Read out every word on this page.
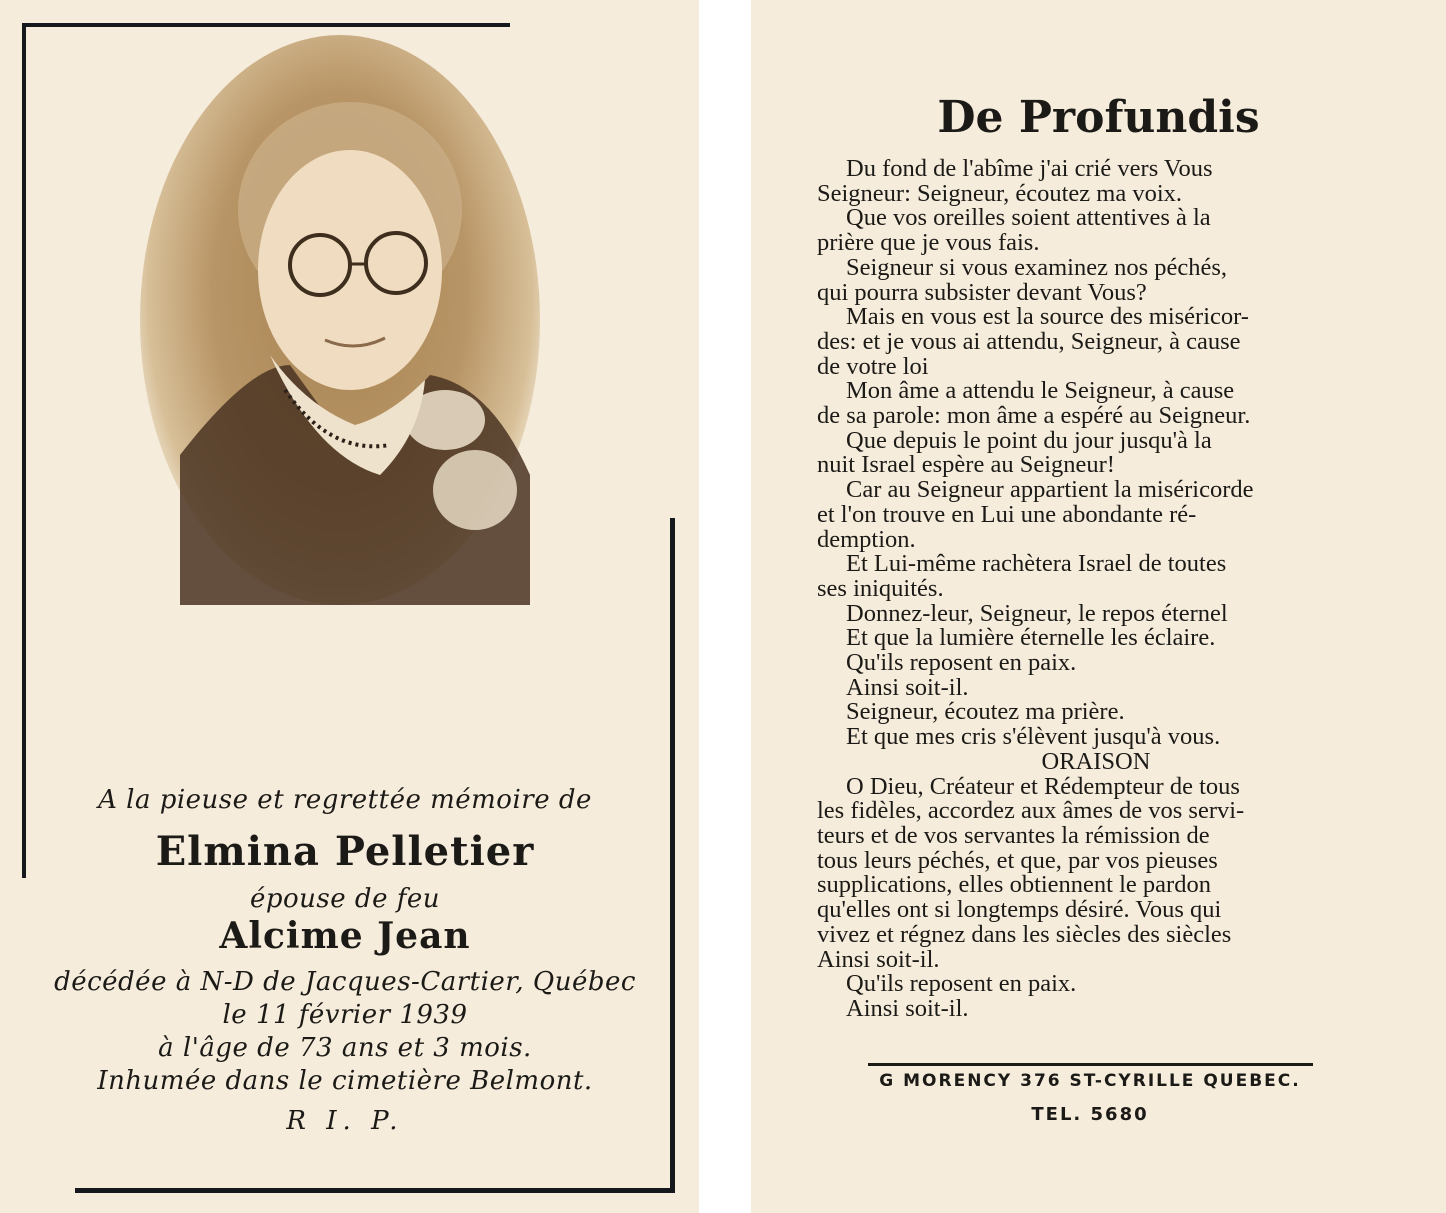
A la pieuse et regrettée mémoire de
Elmina Pelletier
épouse de feu
Alcime Jean
décédée à N-D de Jacques-Cartier, Québec
le 11 février 1939
à l'âge de 73 ans et 3 mois.
Inhumée dans le cimetière Belmont.
R I. P.
De Profundis
Du fond de l'abîme j'ai crié vers Vous
Seigneur: Seigneur, écoutez ma voix.
Que vos oreilles soient attentives à la
prière que je vous fais.
Seigneur si vous examinez nos péchés,
qui pourra subsister devant Vous?
Mais en vous est la source des miséricor-
des: et je vous ai attendu, Seigneur, à cause
de votre loi
Mon âme a attendu le Seigneur, à cause
de sa parole: mon âme a espéré au Seigneur.
Que depuis le point du jour jusqu'à la
nuit Israel espère au Seigneur!
Car au Seigneur appartient la miséricorde
et l'on trouve en Lui une abondante ré-
demption.
Et Lui-même rachètera Israel de toutes
ses iniquités.
Donnez-leur, Seigneur, le repos éternel
Et que la lumière éternelle les éclaire.
Qu'ils reposent en paix.
Ainsi soit-il.
Seigneur, écoutez ma prière.
Et que mes cris s'élèvent jusqu'à vous.
ORAISON
O Dieu, Créateur et Rédempteur de tous
les fidèles, accordez aux âmes de vos servi-
teurs et de vos servantes la rémission de
tous leurs péchés, et que, par vos pieuses
supplications, elles obtiennent le pardon
qu'elles ont si longtemps désiré. Vous qui
vivez et régnez dans les siècles des siècles
Ainsi soit-il.
Qu'ils reposent en paix.
Ainsi soit-il.
G MORENCY 376 ST-CYRILLE QUEBEC.
TEL. 5680
